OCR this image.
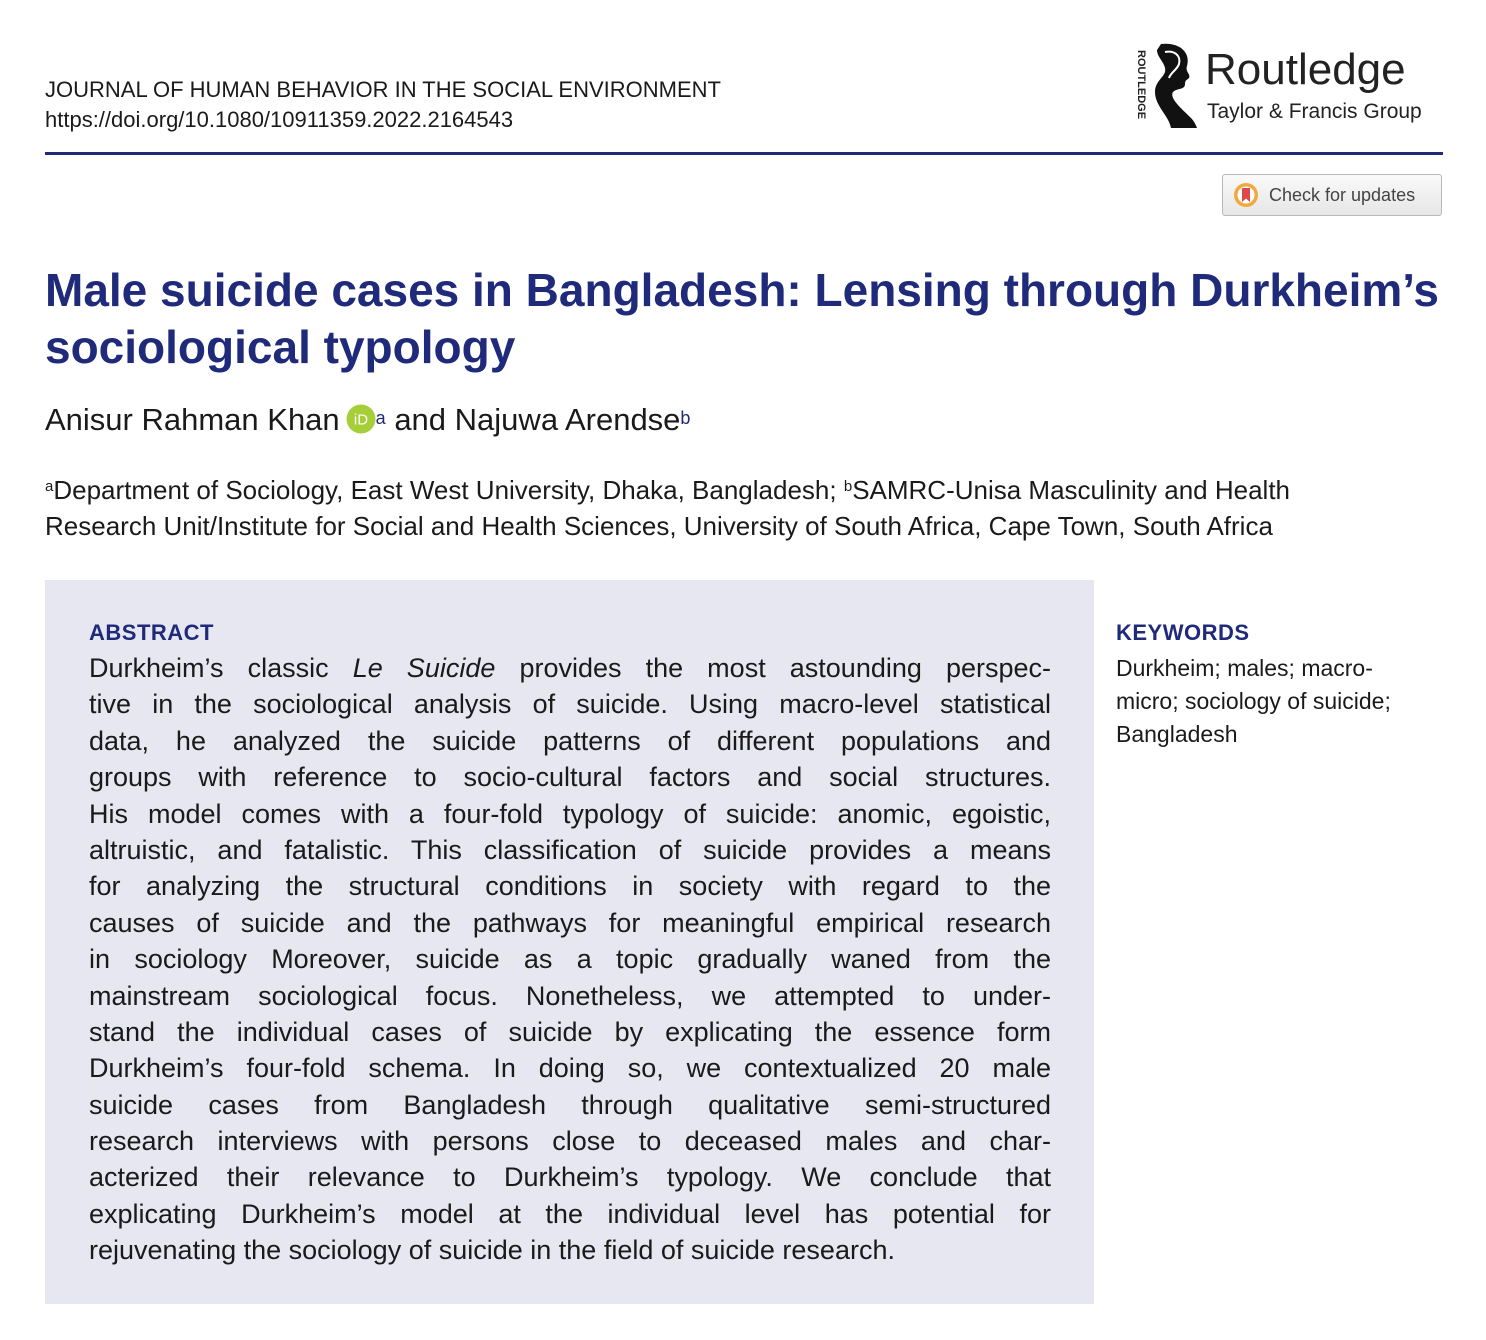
JOURNAL OF HUMAN BEHAVIOR IN THE SOCIAL ENVIRONMENT
https://doi.org/10.1080/10911359.2022.2164543	ROUTLEDGE Routledge
Taylor & Francis Group
Check for updates
Male suicide cases in Bangladesh: Lensing through Durkheim’s sociological typology
Anisur Rahman Khan iD $^a$ and Najuwa Arendse$^b$
$^a$Department of Sociology, East West University, Dhaka, Bangladesh; $^b$SAMRC-Unisa Masculinity and Health
Research Unit/Institute for Social and Health Sciences, University of South Africa, Cape Town, South Africa
ABSTRACT
Durkheim’s classic Le Suicide provides the most astounding perspec-
tive in the sociological analysis of suicide. Using macro-level statistical
data, he analyzed the suicide patterns of different populations and
groups with reference to socio-cultural factors and social structures.
His model comes with a four-fold typology of suicide: anomic, egoistic,
altruistic, and fatalistic. This classification of suicide provides a means
for analyzing the structural conditions in society with regard to the
causes of suicide and the pathways for meaningful empirical research
in sociology Moreover, suicide as a topic gradually waned from the
mainstream sociological focus. Nonetheless, we attempted to under-
stand the individual cases of suicide by explicating the essence form
Durkheim’s four-fold schema. In doing so, we contextualized 20 male
suicide cases from Bangladesh through qualitative semi-structured
research interviews with persons close to deceased males and char-
acterized their relevance to Durkheim’s typology. We conclude that
explicating Durkheim’s model at the individual level has potential for
rejuvenating the sociology of suicide in the field of suicide research.
KEYWORDS
Durkheim; males; macro-
micro; sociology of suicide;
Bangladesh
